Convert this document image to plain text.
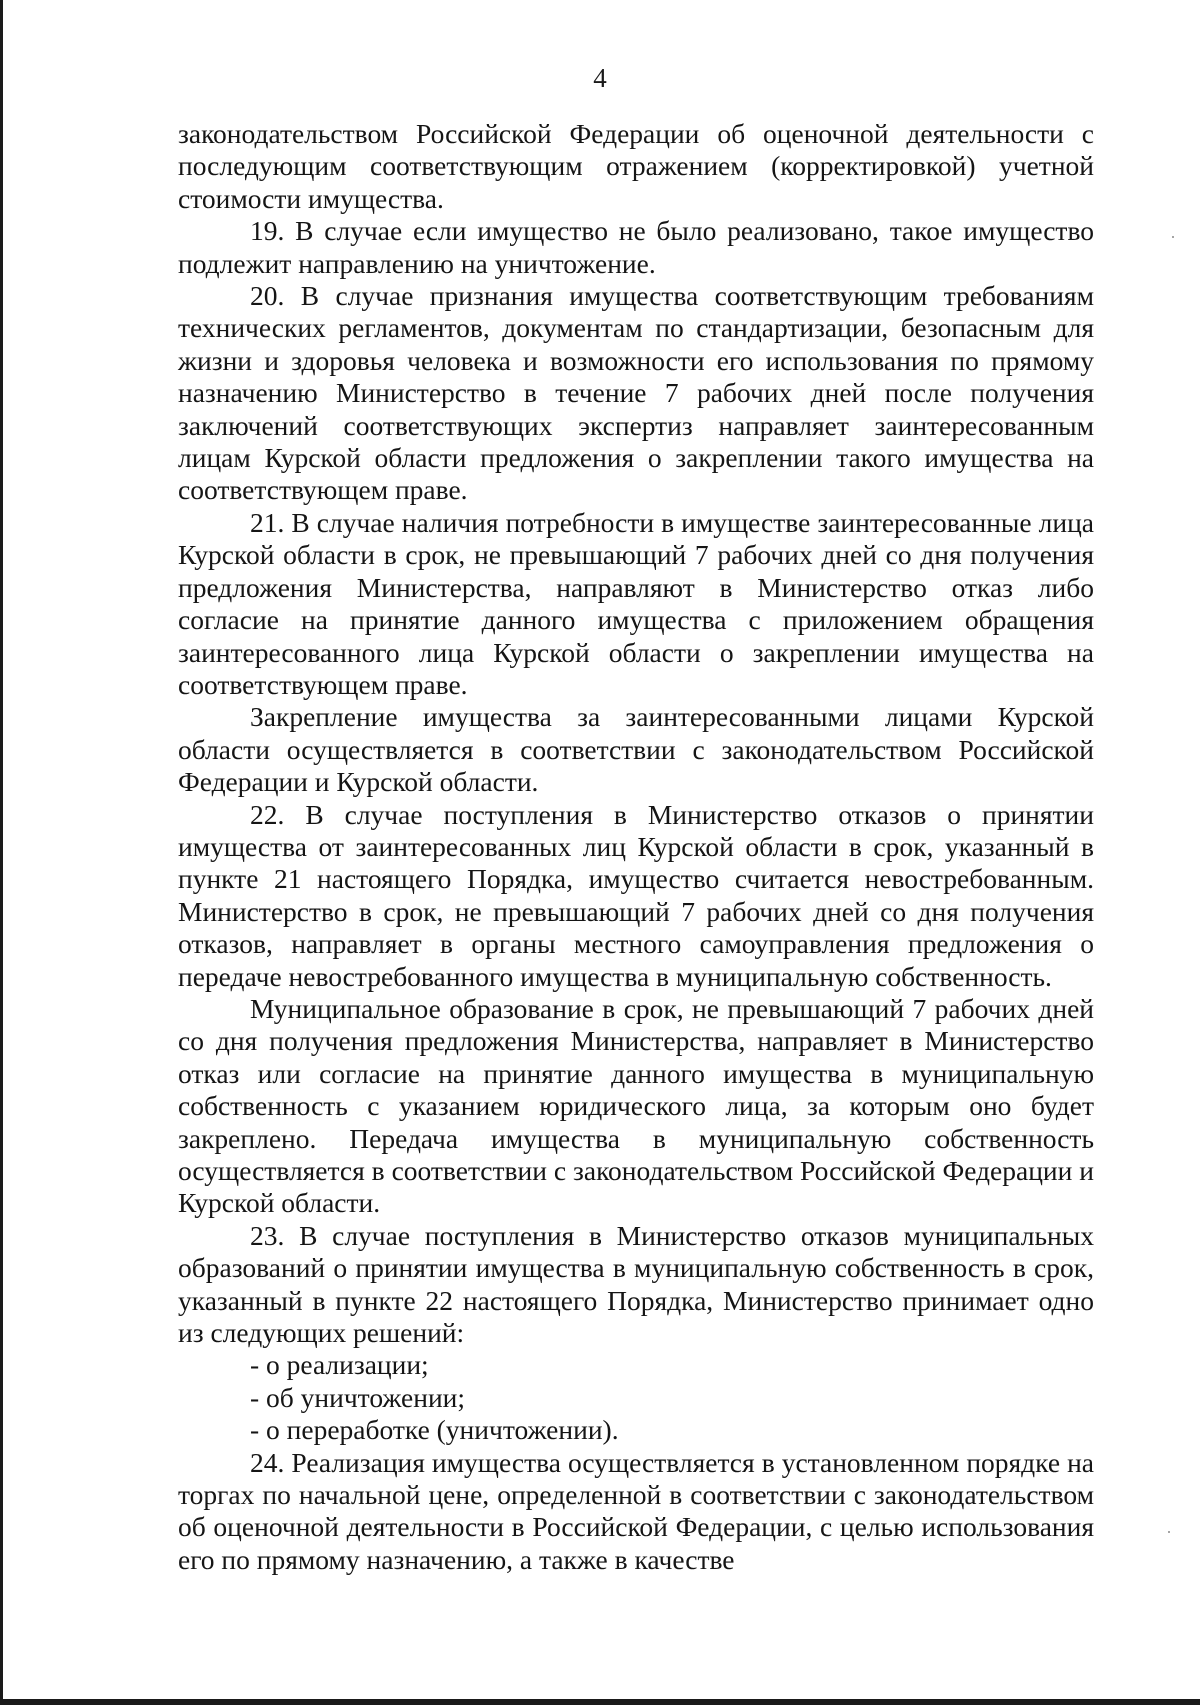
4

законодательством Российской Федерации об оценочной деятельности с последующим соответствующим отражением (корректировкой) учетной стоимости имущества.

19. В случае если имущество не было реализовано, такое имущество подлежит направлению на уничтожение.

20. В случае признания имущества соответствующим требованиям технических регламентов, документам по стандартизации, безопасным для жизни и здоровья человека и возможности его использования по прямому назначению Министерство в течение 7 рабочих дней после получения заключений соответствующих экспертиз направляет заинтересованным лицам Курской области предложения о закреплении такого имущества на соответствующем праве.

21. В случае наличия потребности в имуществе заинтересованные лица Курской области в срок, не превышающий 7 рабочих дней со дня получения предложения Министерства, направляют в Министерство отказ либо согласие на принятие данного имущества с приложением обращения заинтересованного лица Курской области о закреплении имущества на соответствующем праве.

Закрепление имущества за заинтересованными лицами Курской области осуществляется в соответствии с законодательством Российской Федерации и Курской области.

22. В случае поступления в Министерство отказов о принятии имущества от заинтересованных лиц Курской области в срок, указанный в пункте 21 настоящего Порядка, имущество считается невостребованным. Министерство в срок, не превышающий 7 рабочих дней со дня получения отказов, направляет в органы местного самоуправления предложения о передаче невостребованного имущества в муниципальную собственность.

Муниципальное образование в срок, не превышающий 7 рабочих дней со дня получения предложения Министерства, направляет в Министерство отказ или согласие на принятие данного имущества в муниципальную собственность с указанием юридического лица, за которым оно будет закреплено. Передача имущества в муниципальную собственность осуществляется в соответствии с законодательством Российской Федерации и Курской области.

23. В случае поступления в Министерство отказов муниципальных образований о принятии имущества в муниципальную собственность в срок, указанный в пункте 22 настоящего Порядка, Министерство принимает одно из следующих решений:

- о реализации;

- об уничтожении;

- о переработке (уничтожении).

24. Реализация имущества осуществляется в установленном порядке на торгах по начальной цене, определенной в соответствии с законодательством об оценочной деятельности в Российской Федерации, с целью использования его по прямому назначению, а также в качестве
